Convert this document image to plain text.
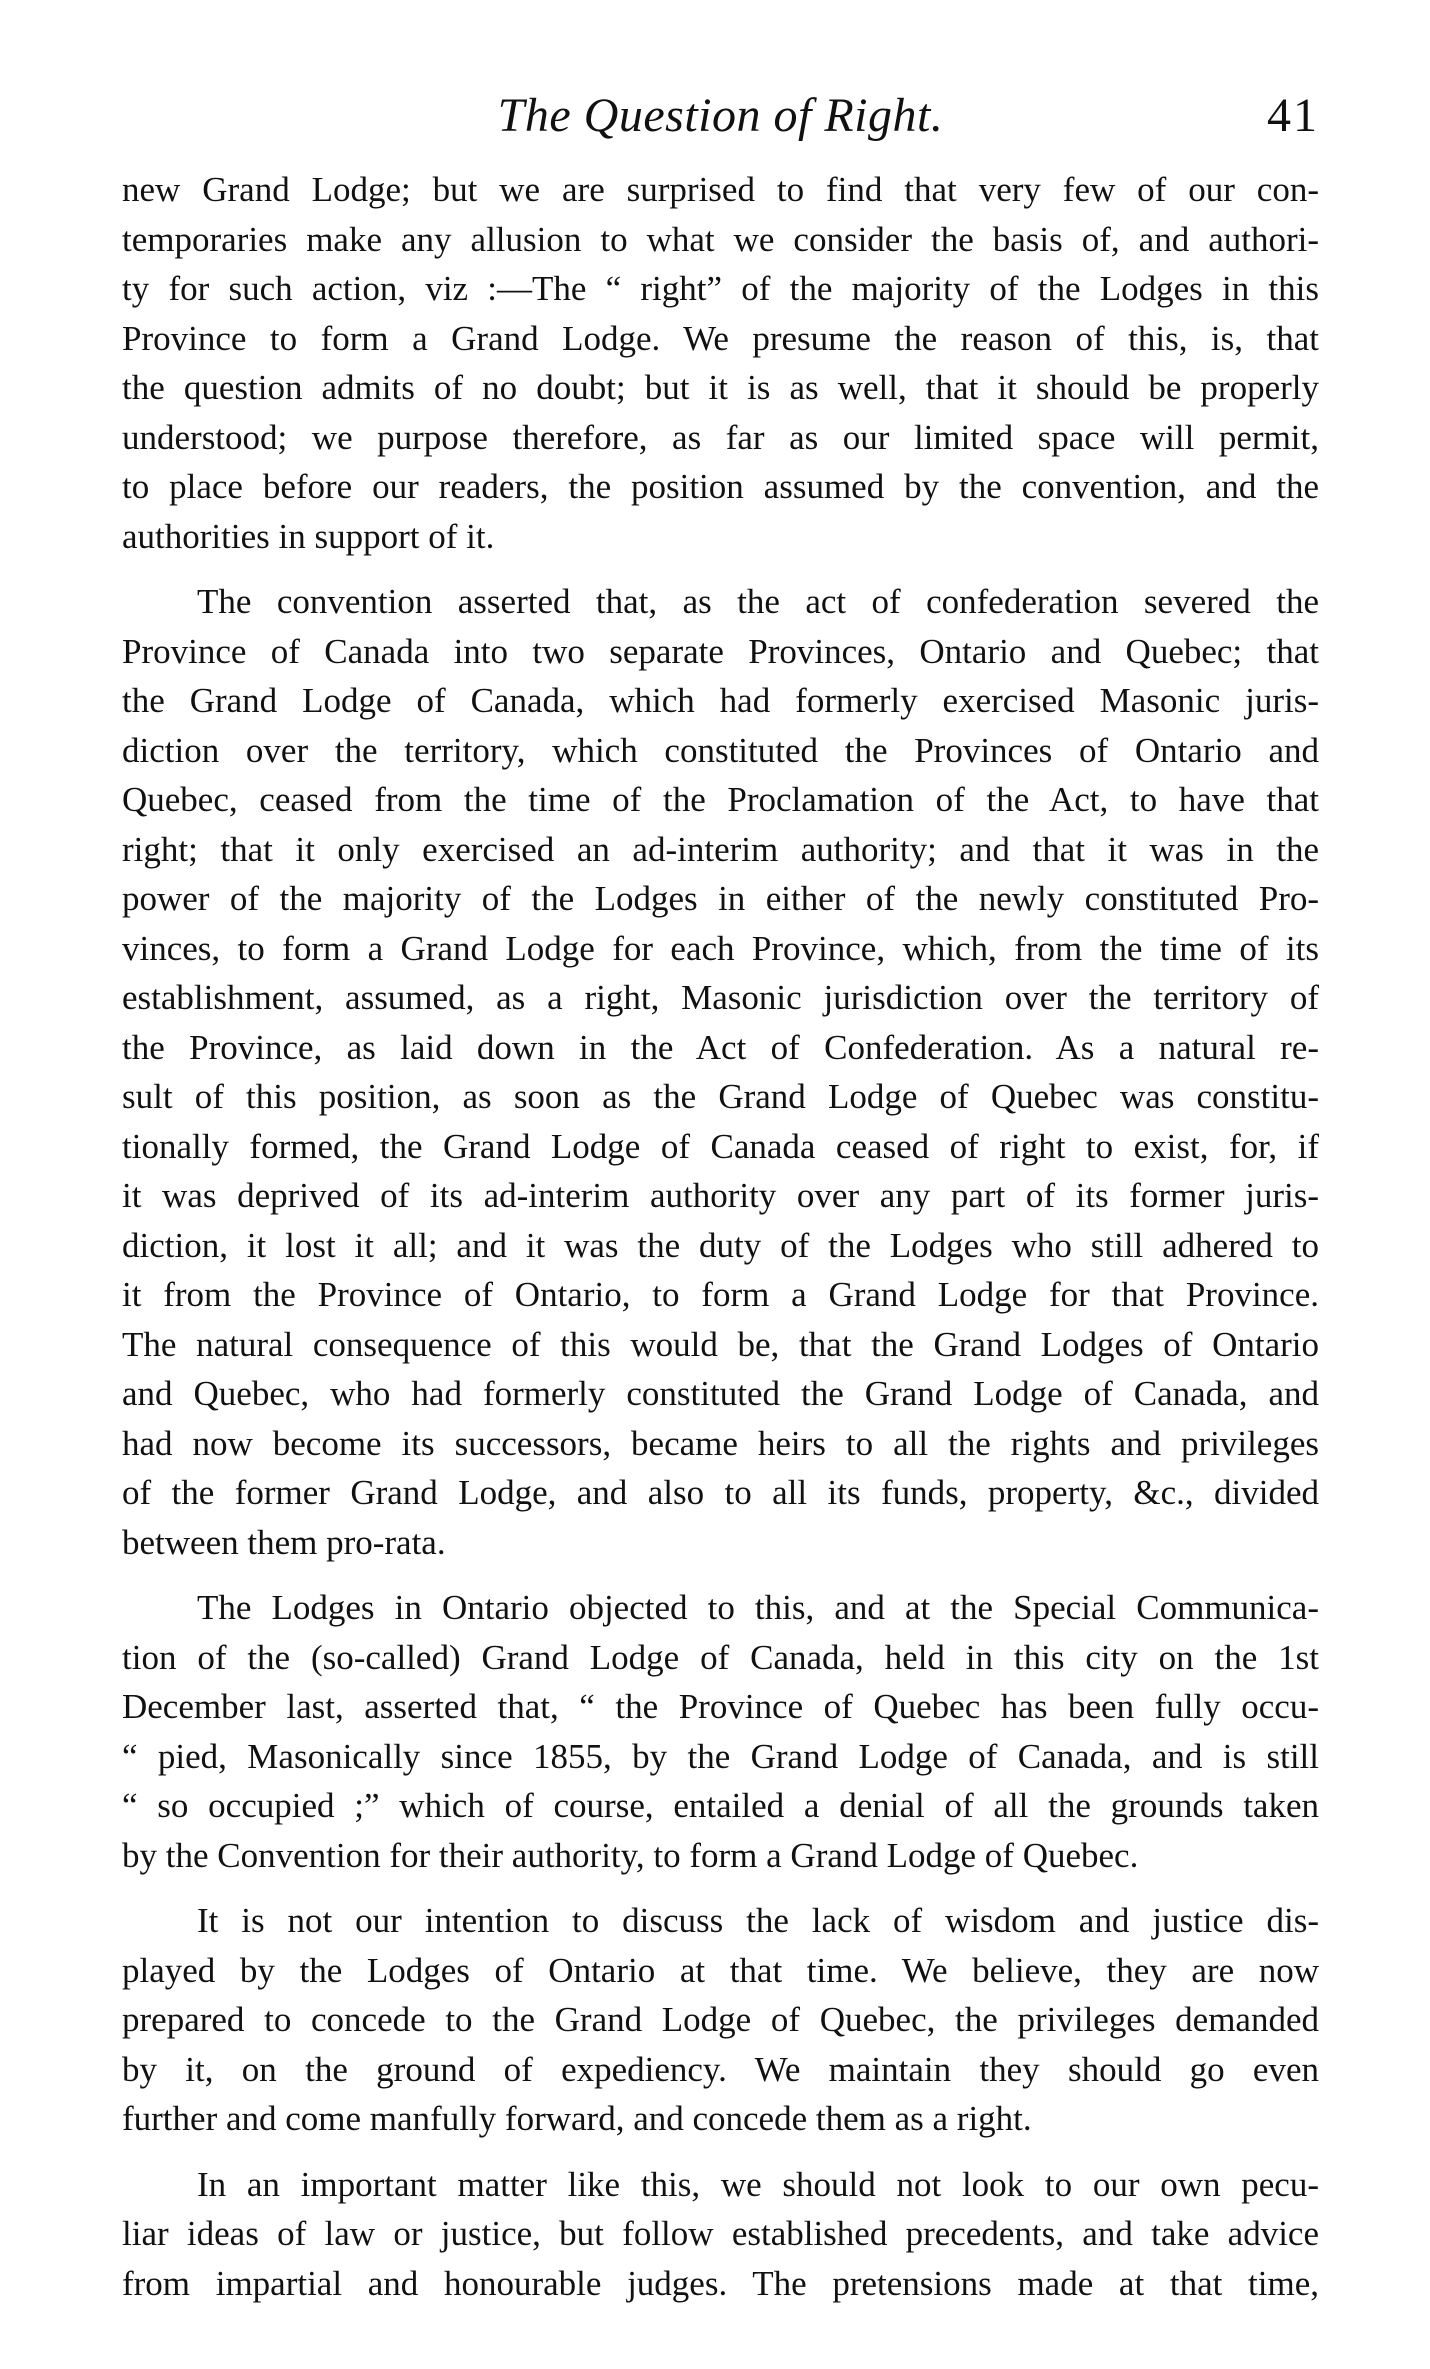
The Question of Right.	41
new Grand Lodge; but we are surprised to find that very few of our con-
temporaries make any allusion to what we consider the basis of, and authori-
ty for such action, viz :—The “ right” of the majority of the Lodges in this
Province to form a Grand Lodge. We presume the reason of this, is, that
the question admits of no doubt; but it is as well, that it should be properly
understood; we purpose therefore, as far as our limited space will permit,
to place before our readers, the position assumed by the convention, and the
authorities in support of it.
The convention asserted that, as the act of confederation severed the
Province of Canada into two separate Provinces, Ontario and Quebec; that
the Grand Lodge of Canada, which had formerly exercised Masonic juris-
diction over the territory, which constituted the Provinces of Ontario and
Quebec, ceased from the time of the Proclamation of the Act, to have that
right; that it only exercised an ad-interim authority; and that it was in the
power of the majority of the Lodges in either of the newly constituted Pro-
vinces, to form a Grand Lodge for each Province, which, from the time of its
establishment, assumed, as a right, Masonic jurisdiction over the territory of
the Province, as laid down in the Act of Confederation. As a natural re-
sult of this position, as soon as the Grand Lodge of Quebec was constitu-
tionally formed, the Grand Lodge of Canada ceased of right to exist, for, if
it was deprived of its ad-interim authority over any part of its former juris-
diction, it lost it all; and it was the duty of the Lodges who still adhered to
it from the Province of Ontario, to form a Grand Lodge for that Province.
The natural consequence of this would be, that the Grand Lodges of Ontario
and Quebec, who had formerly constituted the Grand Lodge of Canada, and
had now become its successors, became heirs to all the rights and privileges
of the former Grand Lodge, and also to all its funds, property, &c., divided
between them pro-rata.
The Lodges in Ontario objected to this, and at the Special Communica-
tion of the (so-called) Grand Lodge of Canada, held in this city on the 1st
December last, asserted that, “ the Province of Quebec has been fully occu-
“ pied, Masonically since 1855, by the Grand Lodge of Canada, and is still
“ so occupied ;” which of course, entailed a denial of all the grounds taken
by the Convention for their authority, to form a Grand Lodge of Quebec.
It is not our intention to discuss the lack of wisdom and justice dis-
played by the Lodges of Ontario at that time. We believe, they are now
prepared to concede to the Grand Lodge of Quebec, the privileges demanded
by it, on the ground of expediency. We maintain they should go even
further and come manfully forward, and concede them as a right.
In an important matter like this, we should not look to our own pecu-
liar ideas of law or justice, but follow established precedents, and take advice
from impartial and honourable judges. The pretensions made at that time,
